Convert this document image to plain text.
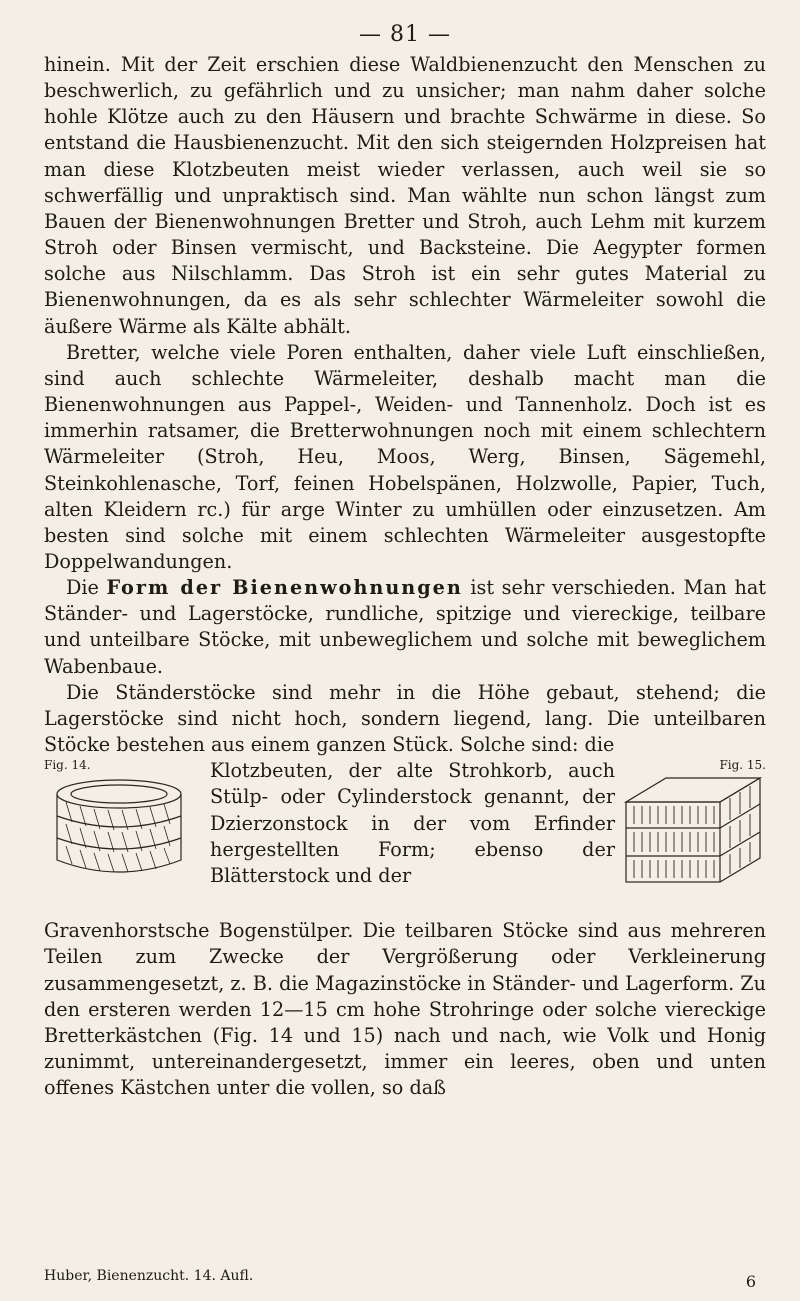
— 81 —

hinein. Mit der Zeit erschien diese Waldbienenzucht den Menschen zu beschwerlich, zu gefährlich und zu unsicher; man nahm daher solche hohle Klötze auch zu den Häusern und brachte Schwärme in diese. So entstand die Hausbienenzucht. Mit den sich steigernden Holzpreisen hat man diese Klotzbeuten meist wieder verlassen, auch weil sie so schwerfällig und unpraktisch sind. Man wählte nun schon längst zum Bauen der Bienenwohnungen Bretter und Stroh, auch Lehm mit kurzem Stroh oder Binsen vermischt, und Backsteine. Die Aegypter formen solche aus Nilschlamm. Das Stroh ist ein sehr gutes Material zu Bienenwohnungen, da es als sehr schlechter Wärmeleiter sowohl die äußere Wärme als Kälte abhält.

Bretter, welche viele Poren enthalten, daher viele Luft einschließen, sind auch schlechte Wärmeleiter, deshalb macht man die Bienenwohnungen aus Pappel-, Weiden- und Tannenholz. Doch ist es immerhin ratsamer, die Bretterwohnungen noch mit einem schlechtern Wärmeleiter (Stroh, Heu, Moos, Werg, Binsen, Sägemehl, Steinkohlenasche, Torf, feinen Hobelspänen, Holzwolle, Papier, Tuch, alten Kleidern rc.) für arge Winter zu umhüllen oder einzusetzen. Am besten sind solche mit einem schlechten Wärmeleiter ausgestopfte Doppelwandungen.

Die Form der Bienenwohnungen ist sehr verschieden. Man hat Ständer- und Lagerstöcke, rundliche, spitzige und viereckige, teilbare und unteilbare Stöcke, mit unbeweglichem und solche mit beweglichem Wabenbaue.

Die Ständerstöcke sind mehr in die Höhe gebaut, stehend; die Lagerstöcke sind nicht hoch, sondern liegend, lang. Die unteilbaren Stöcke bestehen aus einem ganzen Stück. Solche sind: die

Fig. 14.	Klotzbeuten, der alte Strohkorb, auch Stülp- oder Cylinderstock genannt, der Dzierzonstock in der vom Erfinder hergestellten Form; ebenso der Blätterstock und der
Fig. 15.

Gravenhorstsche Bogenstülper. Die teilbaren Stöcke sind aus mehreren Teilen zum Zwecke der Vergrößerung oder Verkleinerung zusammengesetzt, z. B. die Magazinstöcke in Ständer- und Lagerform. Zu den ersteren werden 12—15 cm hohe Strohringe oder solche viereckige Bretterkästchen (Fig. 14 und 15) nach und nach, wie Volk und Honig zunimmt, untereinandergesetzt, immer ein leeres, oben und unten offenes Kästchen unter die vollen, so daß

Huber, Bienenzucht. 14. Aufl.	6
